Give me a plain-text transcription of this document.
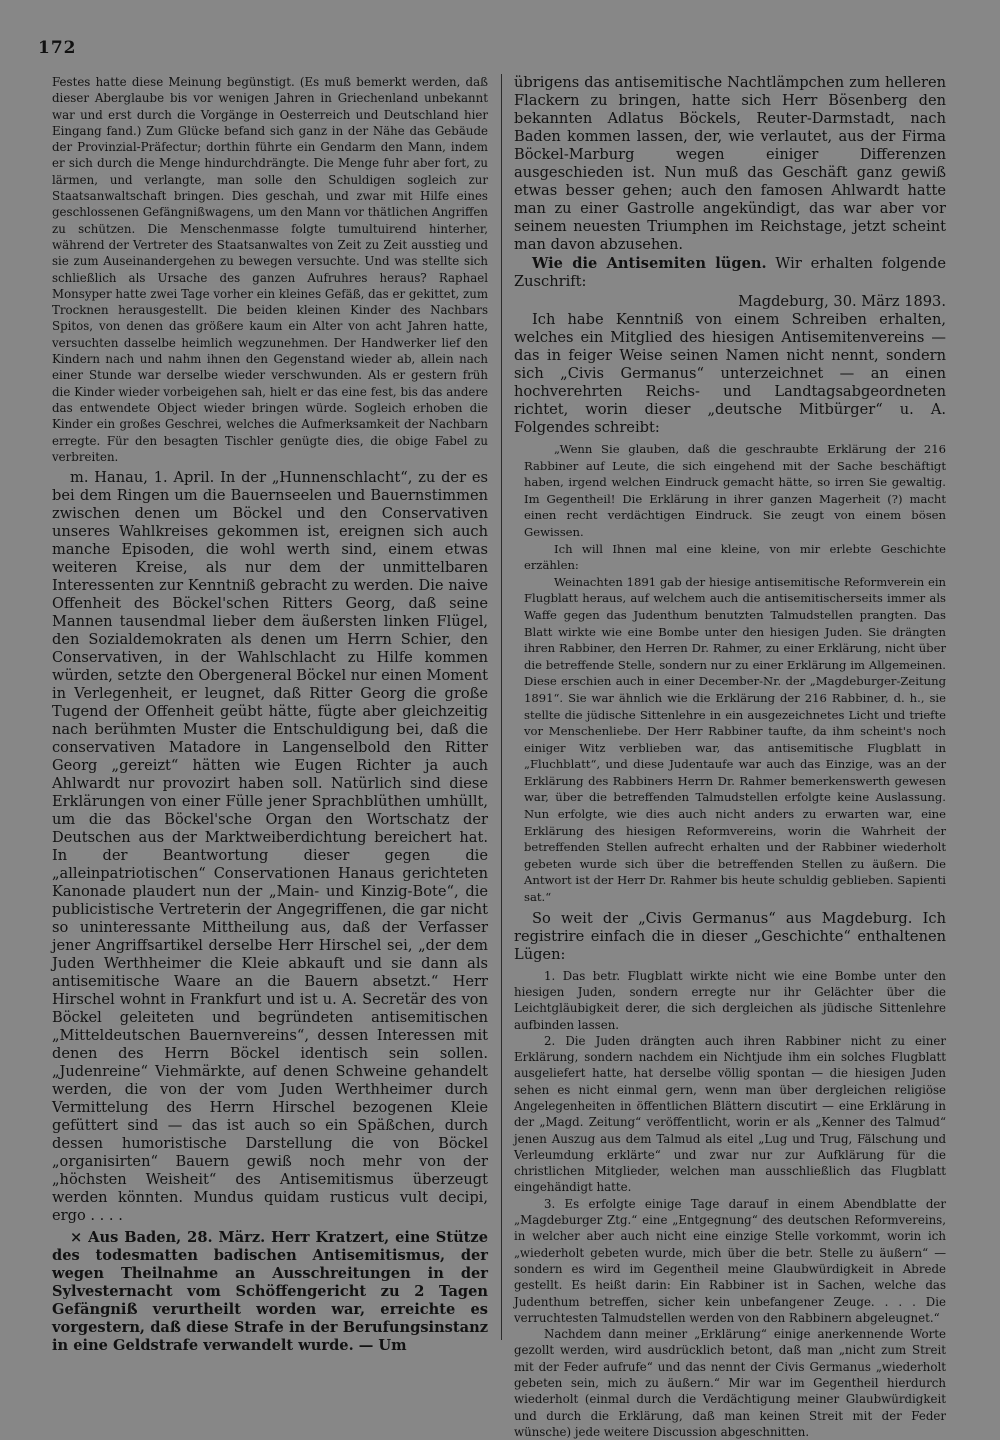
172

Festes hatte diese Meinung begünstigt. (Es muß bemerkt werden, daß dieser Aberglaube bis vor wenigen Jahren in Griechenland unbekannt war und erst durch die Vorgänge in Oesterreich und Deutschland hier Eingang fand.) Zum Glücke befand sich ganz in der Nähe das Gebäude der Provinzial-Präfectur; dorthin führte ein Gendarm den Mann, indem er sich durch die Menge hindurchdrängte. Die Menge fuhr aber fort, zu lärmen, und verlangte, man solle den Schuldigen sogleich zur Staatsanwaltschaft bringen. Dies geschah, und zwar mit Hilfe eines geschlossenen Gefängnißwagens, um den Mann vor thätlichen Angriffen zu schützen. Die Menschenmasse folgte tumultuirend hinterher, während der Vertreter des Staatsanwaltes von Zeit zu Zeit ausstieg und sie zum Auseinandergehen zu bewegen versuchte. Und was stellte sich schließlich als Ursache des ganzen Aufruhres heraus? Raphael Monsyper hatte zwei Tage vorher ein kleines Gefäß, das er gekittet, zum Trocknen herausgestellt. Die beiden kleinen Kinder des Nachbars Spitos, von denen das größere kaum ein Alter von acht Jahren hatte, versuchten dasselbe heimlich wegzunehmen. Der Handwerker lief den Kindern nach und nahm ihnen den Gegenstand wieder ab, allein nach einer Stunde war derselbe wieder verschwunden. Als er gestern früh die Kinder wieder vorbeigehen sah, hielt er das eine fest, bis das andere das entwendete Object wieder bringen würde. Sogleich erhoben die Kinder ein großes Geschrei, welches die Aufmerksamkeit der Nachbarn erregte. Für den besagten Tischler genügte dies, die obige Fabel zu verbreiten.

m. Hanau, 1. April. In der „Hunnenschlacht“, zu der es bei dem Ringen um die Bauernseelen und Bauernstimmen zwischen denen um Böckel und den Conservativen unseres Wahlkreises gekommen ist, ereignen sich auch manche Episoden, die wohl werth sind, einem etwas weiteren Kreise, als nur dem der unmittelbaren Interessenten zur Kenntniß gebracht zu werden. Die naive Offenheit des Böckel'schen Ritters Georg, daß seine Mannen tausendmal lieber dem äußersten linken Flügel, den Sozialdemokraten als denen um Herrn Schier, den Conservativen, in der Wahlschlacht zu Hilfe kommen würden, setzte den Obergeneral Böckel nur einen Moment in Verlegenheit, er leugnet, daß Ritter Georg die große Tugend der Offenheit geübt hätte, fügte aber gleichzeitig nach berühmten Muster die Entschuldigung bei, daß die conservativen Matadore in Langenselbold den Ritter Georg „gereizt“ hätten wie Eugen Richter ja auch Ahlwardt nur provozirt haben soll. Natürlich sind diese Erklärungen von einer Fülle jener Sprachblüthen umhüllt, um die das Böckel'sche Organ den Wortschatz der Deutschen aus der Marktweiberdichtung bereichert hat. In der Beantwortung dieser gegen die „alleinpatriotischen“ Conservationen Hanaus gerichteten Kanonade plaudert nun der „Main- und Kinzig-Bote“, die publicistische Vertreterin der Angegriffenen, die gar nicht so uninteressante Mittheilung aus, daß der Verfasser jener Angriffsartikel derselbe Herr Hirschel sei, „der dem Juden Werthheimer die Kleie abkauft und sie dann als antisemitische Waare an die Bauern absetzt.“ Herr Hirschel wohnt in Frankfurt und ist u. A. Secretär des von Böckel geleiteten und begründeten antisemitischen „Mitteldeutschen Bauernvereins“, dessen Interessen mit denen des Herrn Böckel identisch sein sollen. „Judenreine“ Viehmärkte, auf denen Schweine gehandelt werden, die von der vom Juden Werthheimer durch Vermittelung des Herrn Hirschel bezogenen Kleie gefüttert sind — das ist auch so ein Späßchen, durch dessen humoristische Darstellung die von Böckel „organisirten“ Bauern gewiß noch mehr von der „höchsten Weisheit“ des Antisemitismus überzeugt werden könnten. Mundus quidam rusticus vult decipi, ergo . . . .

× Aus Baden, 28. März. Herr Kratzert, eine Stütze des todesmatten badischen Antisemitismus, der wegen Theilnahme an Ausschreitungen in der Sylvesternacht vom Schöffengericht zu 2 Tagen Gefängniß verurtheilt worden war, erreichte es vorgestern, daß diese Strafe in der Berufungsinstanz in eine Geldstrafe verwandelt wurde. — Um

übrigens das antisemitische Nachtlämpchen zum helleren Flackern zu bringen, hatte sich Herr Bösenberg den bekannten Adlatus Böckels, Reuter-Darmstadt, nach Baden kommen lassen, der, wie verlautet, aus der Firma Böckel-Marburg wegen einiger Differenzen ausgeschieden ist. Nun muß das Geschäft ganz gewiß etwas besser gehen; auch den famosen Ahlwardt hatte man zu einer Gastrolle angekündigt, das war aber vor seinem neuesten Triumphen im Reichstage, jetzt scheint man davon abzusehen.

Wie die Antisemiten lügen. Wir erhalten folgende Zuschrift:

Magdeburg, 30. März 1893.

Ich habe Kenntniß von einem Schreiben erhalten, welches ein Mitglied des hiesigen Antisemitenvereins — das in feiger Weise seinen Namen nicht nennt, sondern sich „Civis Germanus“ unterzeichnet — an einen hochverehrten Reichs- und Landtagsabgeordneten richtet, worin dieser „deutsche Mitbürger“ u. A. Folgendes schreibt:

„Wenn Sie glauben, daß die geschraubte Erklärung der 216 Rabbiner auf Leute, die sich eingehend mit der Sache beschäftigt haben, irgend welchen Eindruck gemacht hätte, so irren Sie gewaltig. Im Gegentheil! Die Erklärung in ihrer ganzen Magerheit (?) macht einen recht verdächtigen Eindruck. Sie zeugt von einem bösen Gewissen.

Ich will Ihnen mal eine kleine, von mir erlebte Geschichte erzählen:

Weinachten 1891 gab der hiesige antisemitische Reformverein ein Flugblatt heraus, auf welchem auch die antisemitischerseits immer als Waffe gegen das Judenthum benutzten Talmudstellen prangten. Das Blatt wirkte wie eine Bombe unter den hiesigen Juden. Sie drängten ihren Rabbiner, den Herren Dr. Rahmer, zu einer Erklärung, nicht über die betreffende Stelle, sondern nur zu einer Erklärung im Allgemeinen. Diese erschien auch in einer December-Nr. der „Magdeburger-Zeitung 1891“. Sie war ähnlich wie die Erklärung der 216 Rabbiner, d. h., sie stellte die jüdische Sittenlehre in ein ausgezeichnetes Licht und triefte vor Menschenliebe. Der Herr Rabbiner taufte, da ihm scheint's noch einiger Witz verblieben war, das antisemitische Flugblatt in „Fluchblatt“, und diese Judentaufe war auch das Einzige, was an der Erklärung des Rabbiners Herrn Dr. Rahmer bemerkenswerth gewesen war, über die betreffenden Talmudstellen erfolgte keine Auslassung. Nun erfolgte, wie dies auch nicht anders zu erwarten war, eine Erklärung des hiesigen Reformvereins, worin die Wahrheit der betreffenden Stellen aufrecht erhalten und der Rabbiner wiederholt gebeten wurde sich über die betreffenden Stellen zu äußern. Die Antwort ist der Herr Dr. Rahmer bis heute schuldig geblieben. Sapienti sat.“

So weit der „Civis Germanus“ aus Magdeburg. Ich registrire einfach die in dieser „Geschichte“ enthaltenen Lügen:

1. Das betr. Flugblatt wirkte nicht wie eine Bombe unter den hiesigen Juden, sondern erregte nur ihr Gelächter über die Leichtgläubigkeit derer, die sich dergleichen als jüdische Sittenlehre aufbinden lassen.

2. Die Juden drängten auch ihren Rabbiner nicht zu einer Erklärung, sondern nachdem ein Nichtjude ihm ein solches Flugblatt ausgeliefert hatte, hat derselbe völlig spontan — die hiesigen Juden sehen es nicht einmal gern, wenn man über dergleichen religiöse Angelegenheiten in öffentlichen Blättern discutirt — eine Erklärung in der „Magd. Zeitung“ veröffentlicht, worin er als „Kenner des Talmud“ jenen Auszug aus dem Talmud als eitel „Lug und Trug, Fälschung und Verleumdung erklärte“ und zwar nur zur Aufklärung für die christlichen Mitglieder, welchen man ausschließlich das Flugblatt eingehändigt hatte.

3. Es erfolgte einige Tage darauf in einem Abendblatte der „Magdeburger Ztg.“ eine „Entgegnung“ des deutschen Reformvereins, in welcher aber auch nicht eine einzige Stelle vorkommt, worin ich „wiederholt gebeten wurde, mich über die betr. Stelle zu äußern“ — sondern es wird im Gegentheil meine Glaubwürdigkeit in Abrede gestellt. Es heißt darin: Ein Rabbiner ist in Sachen, welche das Judenthum betreffen, sicher kein unbefangener Zeuge. . . . Die verruchtesten Talmudstellen werden von den Rabbinern abgeleugnet.“

Nachdem dann meiner „Erklärung“ einige anerkennende Worte gezollt werden, wird ausdrücklich betont, daß man „nicht zum Streit mit der Feder aufrufe“ und das nennt der Civis Germanus „wiederholt gebeten sein, mich zu äußern.“ Mir war im Gegentheil hierdurch wiederholt (einmal durch die Verdächtigung meiner Glaubwürdigkeit und durch die Erklärung, daß man keinen Streit mit der Feder wünsche) jede weitere Discussion abgeschnitten.
